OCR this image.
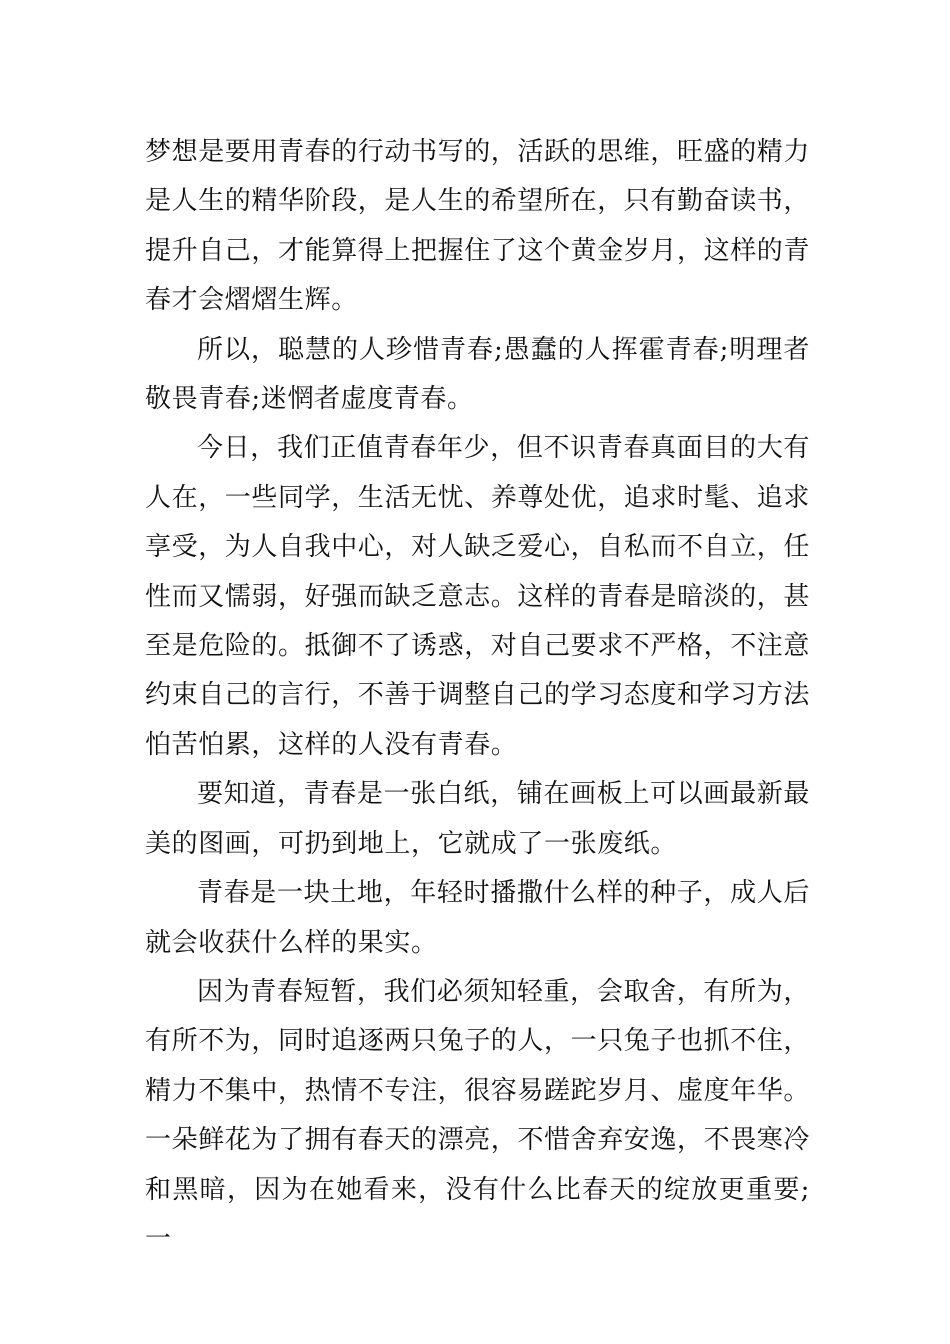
梦想是要用青春的行动书写的，活跃的思维，旺盛的精力是人生的精华阶段，是人生的希望所在，只有勤奋读书，提升自己，才能算得上把握住了这个黄金岁月，这样的青春才会熠熠生辉。

所以，聪慧的人珍惜青春;愚蠢的人挥霍青春;明理者敬畏青春;迷惘者虚度青春。

今日，我们正值青春年少，但不识青春真面目的大有人在，一些同学，生活无忧、养尊处优，追求时髦、追求享受，为人自我中心，对人缺乏爱心，自私而不自立，任性而又懦弱，好强而缺乏意志。这样的青春是暗淡的，甚至是危险的。抵御不了诱惑，对自己要求不严格，不注意约束自己的言行，不善于调整自己的学习态度和学习方法怕苦怕累，这样的人没有青春。

要知道，青春是一张白纸，铺在画板上可以画最新最美的图画，可扔到地上，它就成了一张废纸。

青春是一块土地，年轻时播撒什么样的种子，成人后就会收获什么样的果实。

因为青春短暂，我们必须知轻重，会取舍，有所为，有所不为，同时追逐两只兔子的人，一只兔子也抓不住，精力不集中，热情不专注，很容易蹉跎岁月、虚度年华。一朵鲜花为了拥有春天的漂亮，不惜舍弃安逸，不畏寒冷和黑暗，因为在她看来，没有什么比春天的绽放更重要;一
